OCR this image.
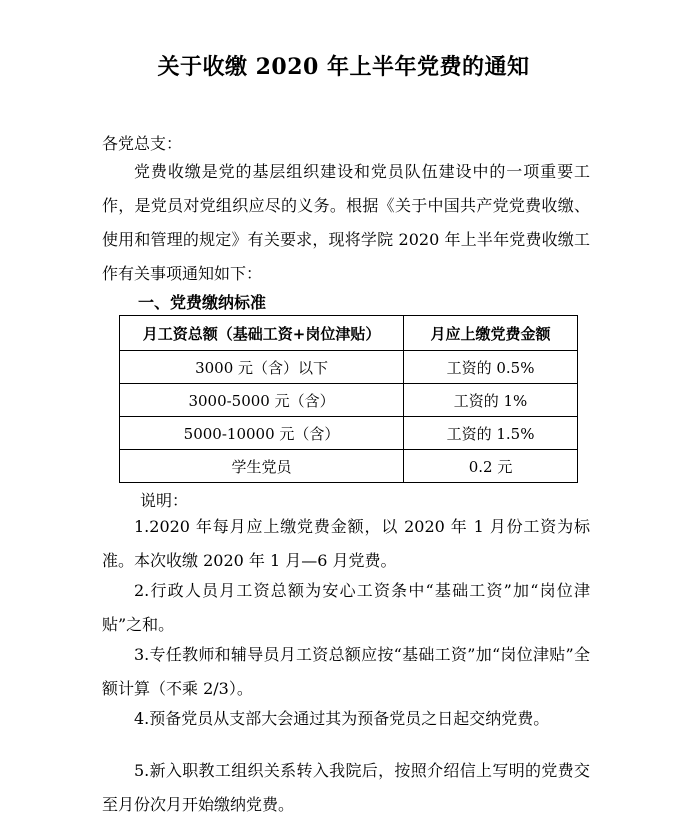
关于收缴 2020 年上半年党费的通知
各党总支：

党费收缴是党的基层组织建设和党员队伍建设中的一项重要工作，是党员对党组织应尽的义务。根据《关于中国共产党党费收缴、使用和管理的规定》有关要求，现将学院 2020 年上半年党费收缴工作有关事项通知如下：

一、党费缴纳标准
月工资总额（基础工资+岗位津贴）	月应上缴党费金额
3000 元（含）以下	工资的 0.5%
3000-5000 元（含）	工资的 1%
5000-10000 元（含）	工资的 1.5%
学生党员	0.2 元
说明：

1.2020 年每月应上缴党费金额，以 2020 年 1 月份工资为标准。本次收缴 2020 年 1 月—6 月党费。

2.行政人员月工资总额为安心工资条中“基础工资”加“岗位津贴”之和。

3.专任教师和辅导员月工资总额应按“基础工资”加“岗位津贴”全额计算（不乘 2/3）。

4.预备党员从支部大会通过其为预备党员之日起交纳党费。

5.新入职教工组织关系转入我院后，按照介绍信上写明的党费交至月份次月开始缴纳党费。
